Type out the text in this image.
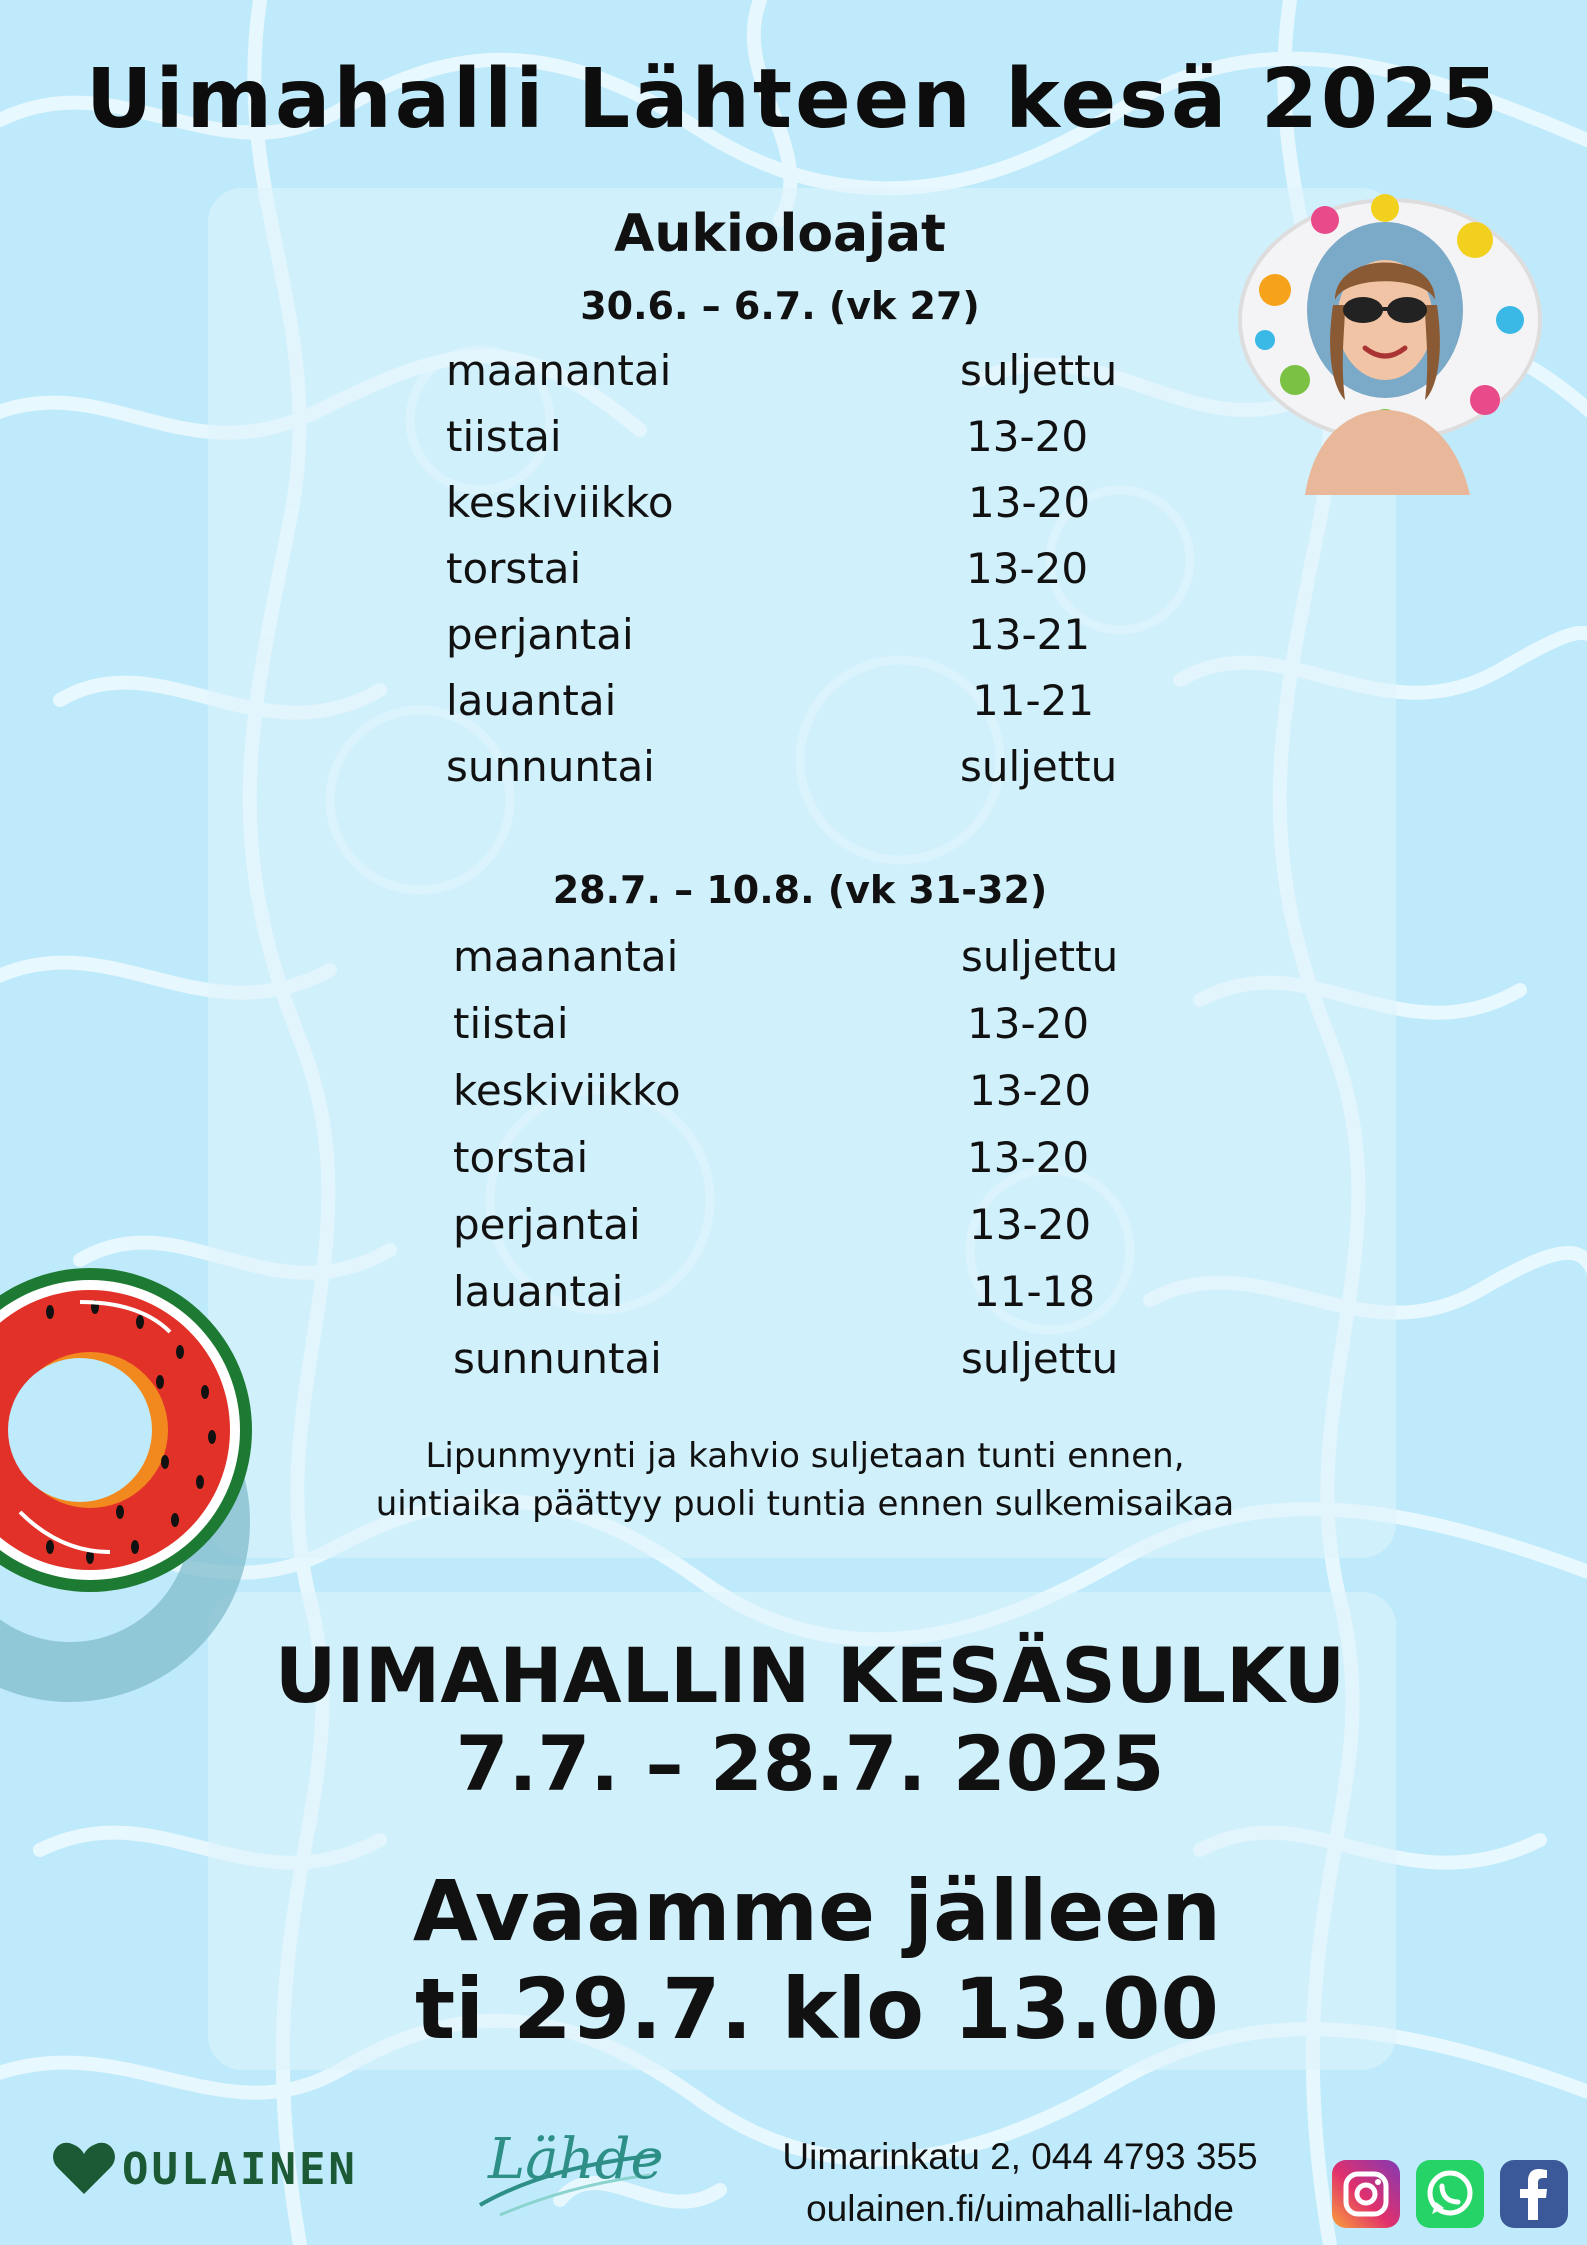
Uimahalli Lähteen kesä 2025
Aukioloajat
30.6. – 6.7. (vk 27)
maanantai	suljettu
tiistai	13-20
keskiviikko	13-20
torstai	13-20
perjantai	13-21
lauantai	11-21
sunnuntai	suljettu
28.7. – 10.8. (vk 31-32)
maanantai	suljettu
tiistai	13-20
keskiviikko	13-20
torstai	13-20
perjantai	13-20
lauantai	11-18
sunnuntai	suljettu

Lipunmyynti ja kahvio suljetaan tunti ennen,
uintiaika päättyy puoli tuntia ennen sulkemisaikaa

UIMAHALLIN KESÄSULKU
7.7. – 28.7. 2025

Avaamme jälleen
ti 29.7. klo 13.00

OULAINEN Lähde	Uimarinkatu 2, 044 4793 355
oulainen.fi/uimahalli-lahde
